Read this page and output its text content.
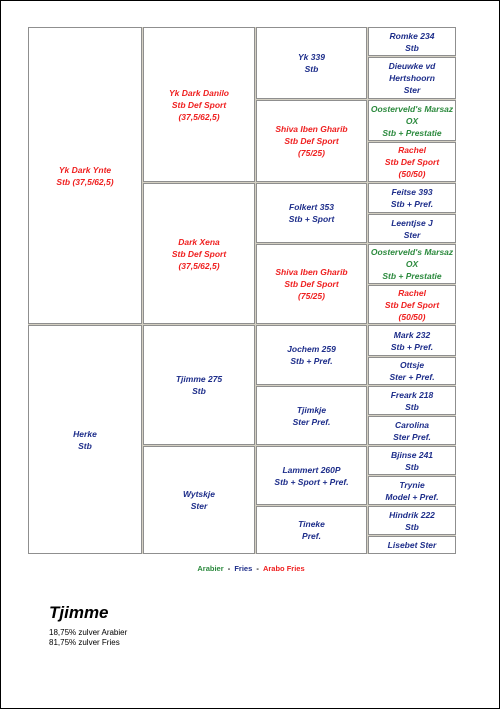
Yk Dark Ynte
Stb (37,5/62,5)
Herke
Stb
Yk Dark Danilo
Stb Def Sport
(37,5/62,5)
Dark Xena
Stb Def Sport
(37,5/62,5)
Tjimme 275
Stb
Wytskje
Ster
Yk 339
Stb
Shiva Iben Gharib
Stb Def Sport
(75/25)
Folkert 353
Stb + Sport
Shiva Iben Gharib
Stb Def Sport
(75/25)
Jochem 259
Stb + Pref.
Tjimkje
Ster Pref.
Lammert 260P
Stb + Sport + Pref.
Tineke
Pref.
Romke 234
Stb
Dieuwke vd
Hertshoorn
Ster
Oosterveld's Marsaz
OX
Stb + Prestatie
Rachel
Stb Def Sport
(50/50)
Feitse 393
Stb + Pref.
Leentjse J
Ster
Oosterveld's Marsaz
OX
Stb + Prestatie
Rachel
Stb Def Sport
(50/50)
Mark 232
Stb + Pref.
Ottsje
Ster + Pref.
Freark 218
Stb
Carolina
Ster Pref.
Bjinse 241
Stb
Trynie
Model + Pref.
Hindrik 222
Stb
Lisebet Ster
Arabier - Fries - Arabo Fries
Tjimme
18,75% zulver Arabier
81,75% zulver Fries
